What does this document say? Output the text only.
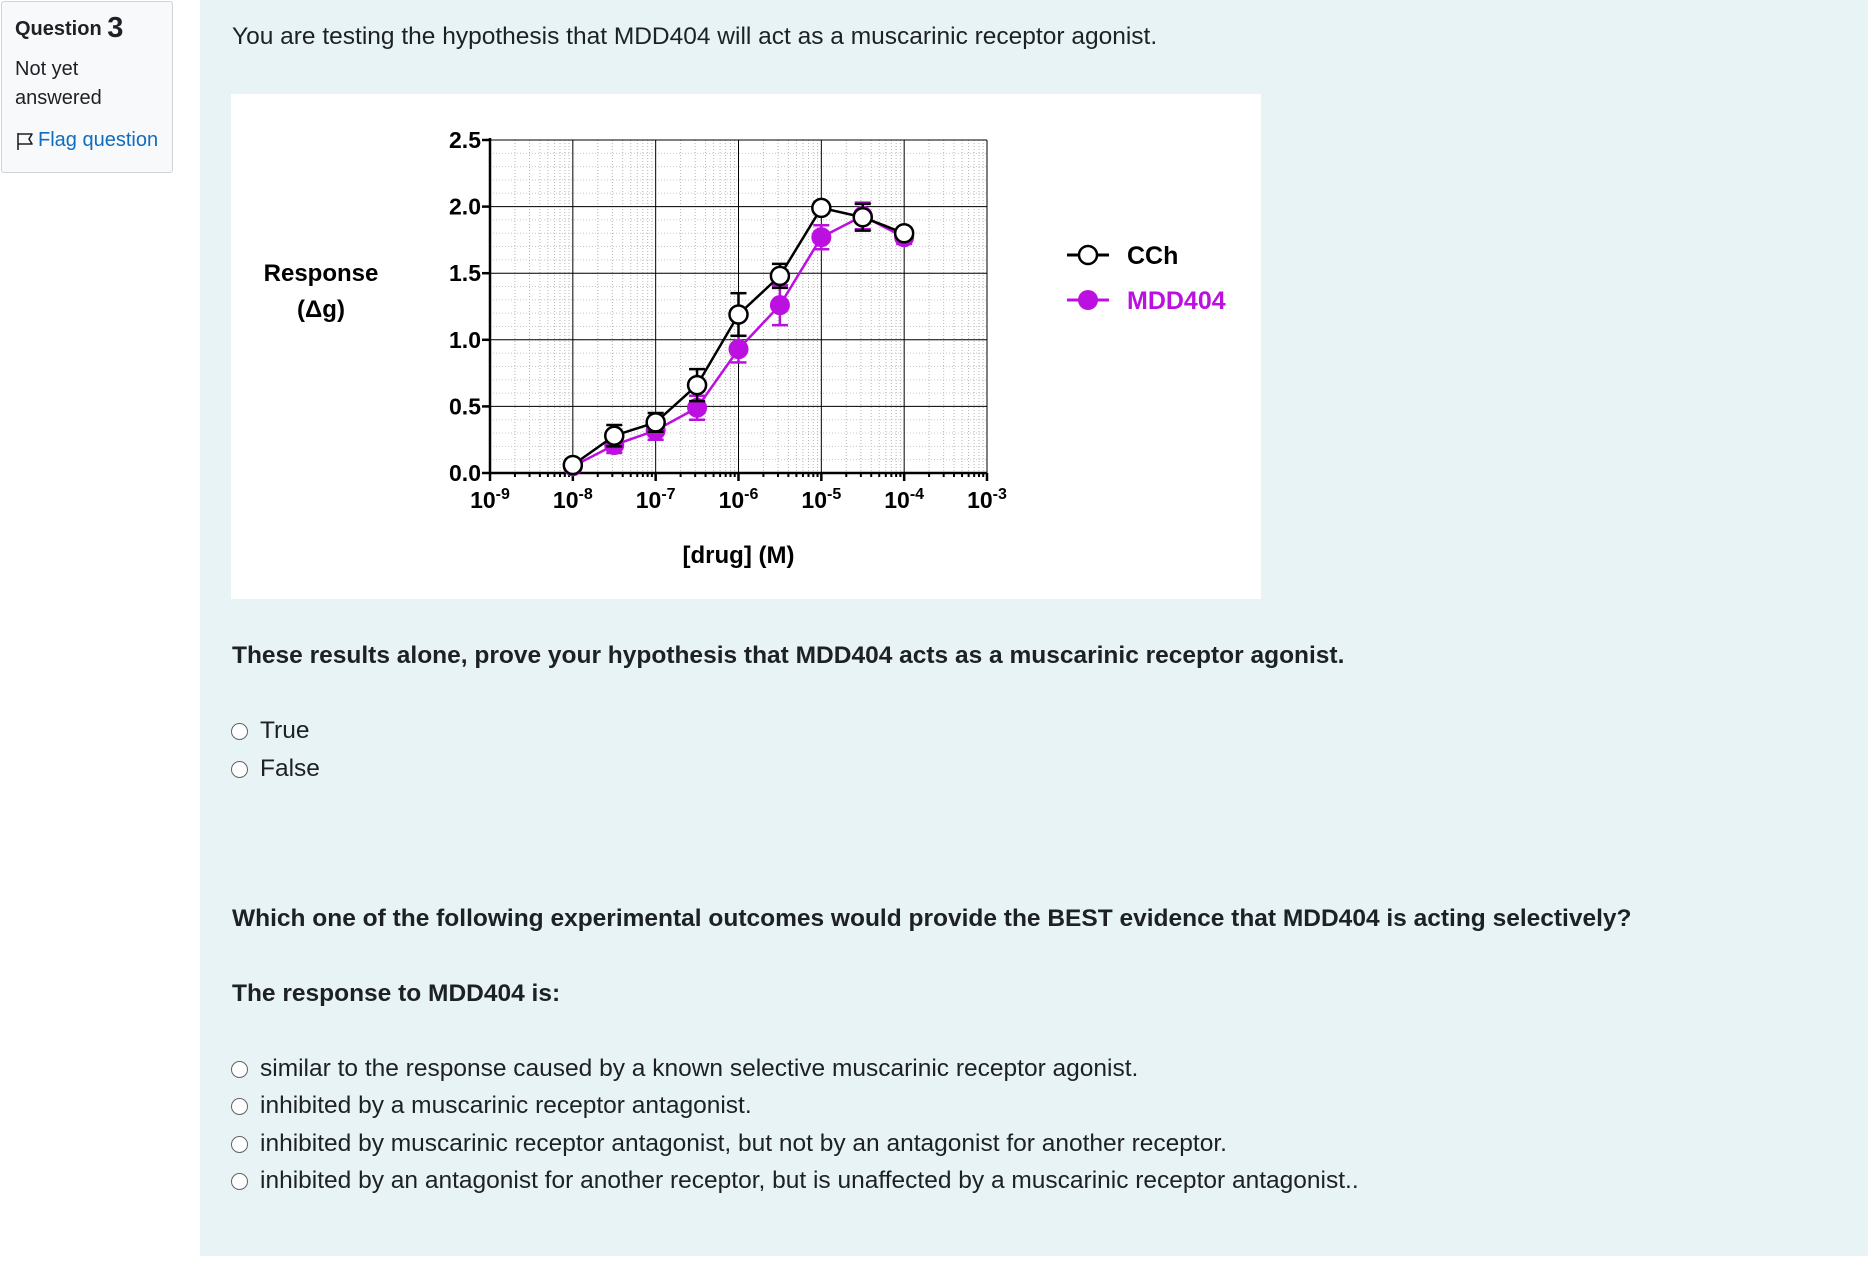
Question 3
Not yet answered
Flag question
You are testing the hypothesis that MDD404 will act as a muscarinic receptor agonist.
0.0
0.5
1.0
1.5
2.0
2.5
$10^{-9}$ $10^{-8}$ $10^{-7}$ $10^{-6}$ $10^{-5}$ $10^{-4}$ $10^{-3}$
[drug] (M)
Response
(Δg)
CCh
MDD404
These results alone, prove your hypothesis that MDD404 acts as a muscarinic receptor agonist.
True
False
Which one of the following experimental outcomes would provide the BEST evidence that MDD404 is acting selectively?
The response to MDD404 is:
similar to the response caused by a known selective muscarinic receptor agonist.
inhibited by a muscarinic receptor antagonist.
inhibited by muscarinic receptor antagonist, but not by an antagonist for another receptor.
inhibited by an antagonist for another receptor, but is unaffected by a muscarinic receptor antagonist..
